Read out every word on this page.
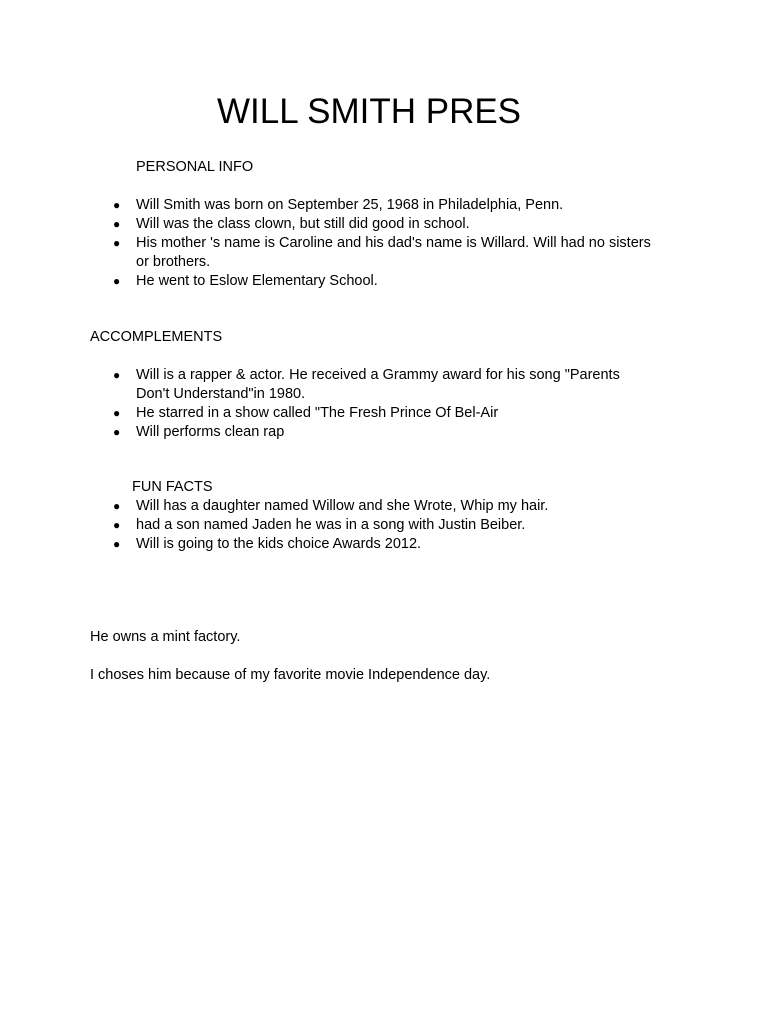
WILL SMITH PRES

PERSONAL INFO

● Will Smith was born on September 25, 1968 in Philadelphia, Penn.
● Will was the class clown, but still did good in school.
● His mother 's name is Caroline and his dad's name is Willard. Will had no sisters or brothers.
● He went to Eslow Elementary School.

ACCOMPLEMENTS

● Will is a rapper & actor. He received a Grammy award for his song "Parents Don't Understand"in 1980.
● He starred in a show called "The Fresh Prince Of Bel-Air
● Will performs clean rap

FUN FACTS

● Will has a daughter named Willow and she Wrote, Whip my hair.
● had a son named Jaden he was in a song with Justin Beiber.
● Will is going to the kids choice Awards 2012.

He owns a mint factory.

I choses him because of my favorite movie Independence day.
